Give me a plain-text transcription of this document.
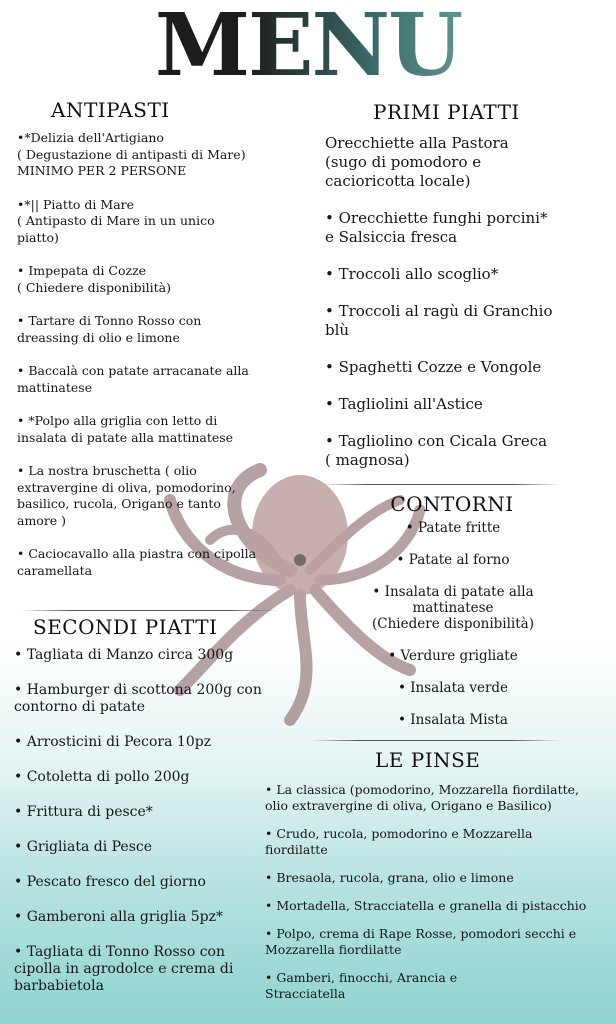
MENU
ANTIPASTI
•*Delizia dell'Artigiano
( Degustazione di antipasti di Mare)
MINIMO PER 2 PERSONE
•*|| Piatto di Mare
( Antipasto di Mare in un unico
piatto)
• Impepata di Cozze
( Chiedere disponibilità)
• Tartare di Tonno Rosso con
dreassing di olio e limone
• Baccalà con patate arracanate alla
mattinatese
• *Polpo alla griglia con letto di
insalata di patate alla mattinatese
• La nostra bruschetta ( olio
extravergine di oliva, pomodorino,
basilico, rucola, Origano e tanto
amore )
• Caciocavallo alla piastra con cipolla
caramellata
SECONDI PIATTI
• Tagliata di Manzo circa 300g
• Hamburger di scottona 200g con
contorno di patate
• Arrosticini di Pecora 10pz
• Cotoletta di pollo 200g
• Frittura di pesce*
• Grigliata di Pesce
• Pescato fresco del giorno
• Gamberoni alla griglia 5pz*
• Tagliata di Tonno Rosso con
cipolla in agrodolce e crema di
barbabietola
PRIMI PIATTI
Orecchiette alla Pastora
(sugo di pomodoro e
cacioricotta locale)
• Orecchiette funghi porcini*
e Salsiccia fresca
• Troccoli allo scoglio*
• Troccoli al ragù di Granchio
blù
• Spaghetti Cozze e Vongole
• Tagliolini all'Astice
• Tagliolino con Cicala Greca
( magnosa)
CONTORNI
• Patate fritte
• Patate al forno
• Insalata di patate alla
mattinatese
(Chiedere disponibilità)
• Verdure grigliate
• Insalata verde
• Insalata Mista
LE PINSE
• La classica (pomodorino, Mozzarella fiordilatte,
olio extravergine di oliva, Origano e Basilico)
• Crudo, rucola, pomodorino e Mozzarella
fiordilatte
• Bresaola, rucola, grana, olio e limone
• Mortadella, Stracciatella e granella di pistacchio
• Polpo, crema di Rape Rosse, pomodori secchi e
Mozzarella fiordilatte
• Gamberi, finocchi, Arancia e
Stracciatella
